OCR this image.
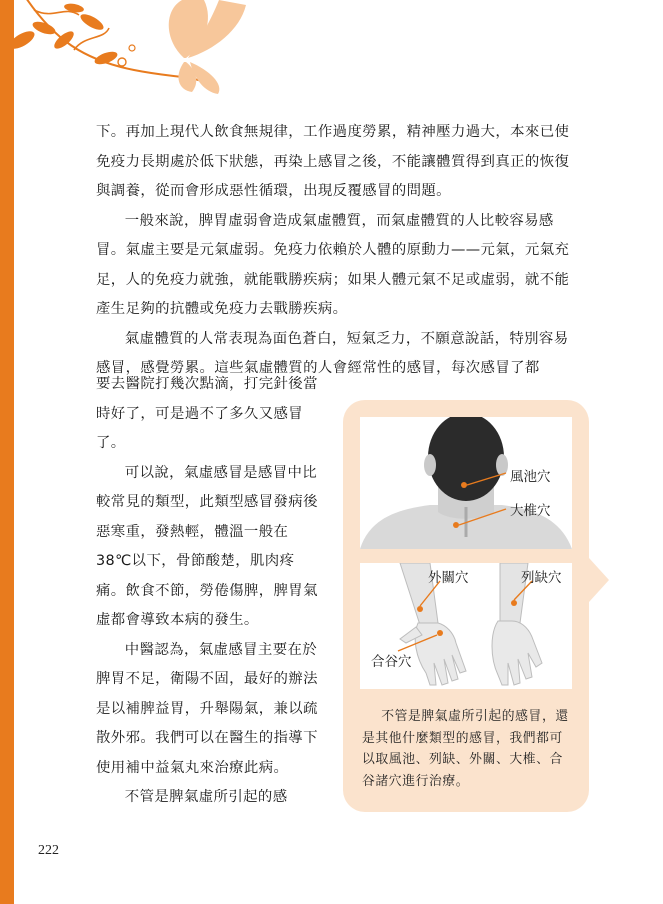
下。再加上現代人飲食無規律，工作過度勞累，精神壓力過大，本來已使免疫力長期處於低下狀態，再染上感冒之後，不能讓體質得到真正的恢復與調養，從而會形成惡性循環，出現反覆感冒的問題。

一般來說，脾胃虛弱會造成氣虛體質，而氣虛體質的人比較容易感冒。氣虛主要是元氣虛弱。免疫力依賴於人體的原動力——元氣，元氣充足，人的免疫力就強，就能戰勝疾病；如果人體元氣不足或虛弱，就不能產生足夠的抗體或免疫力去戰勝疾病。

氣虛體質的人常表現為面色蒼白，短氣乏力，不願意說話，特別容易感冒，感覺勞累。這些氣虛體質的人會經常性的感冒，每次感冒了都

要去醫院打幾次點滴，打完針後當時好了，可是過不了多久又感冒了。

可以說，氣虛感冒是感冒中比較常見的類型，此類型感冒發病後惡寒重，發熱輕，體溫一般在38℃以下，骨節酸楚，肌肉疼痛。飲食不節，勞倦傷脾，脾胃氣虛都會導致本病的發生。

中醫認為，氣虛感冒主要在於脾胃不足，衛陽不固，最好的辦法是以補脾益胃，升舉陽氣，兼以疏散外邪。我們可以在醫生的指導下使用補中益氣丸來治療此病。

不管是脾氣虛所引起的感

風池穴
大椎穴
外關穴	列缺穴
合谷穴

不管是脾氣虛所引起的感冒，還是其他什麼類型的感冒，我們都可以取風池、列缺、外關、大椎、合谷諸穴進行治療。

222
